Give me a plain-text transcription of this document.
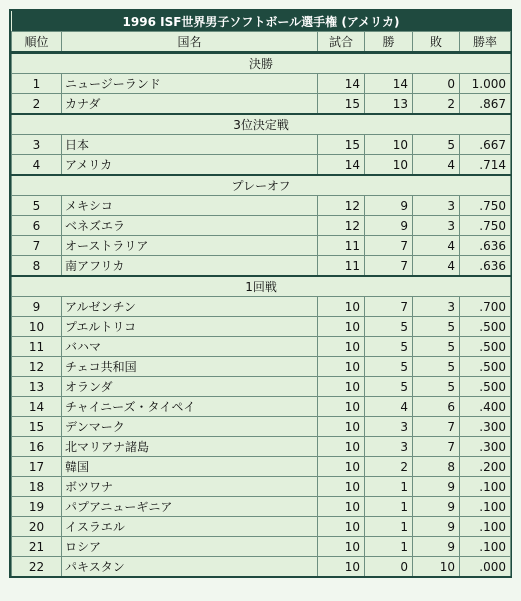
1996 ISF世界男子ソフトボール選手権 (アメリカ)					
順位	国名	試合	勝	敗	勝率
決勝					
1	ニュージーランド	14	14	0	1.000
2	カナダ	15	13	2	.867
3位決定戦					
3	日本	15	10	5	.667
4	アメリカ	14	10	4	.714
プレーオフ					
5	メキシコ	12	9	3	.750
6	ベネズエラ	12	9	3	.750
7	オーストラリア	11	7	4	.636
8	南アフリカ	11	7	4	.636
1回戦					
9	アルゼンチン	10	7	3	.700
10	プエルトリコ	10	5	5	.500
11	バハマ	10	5	5	.500
12	チェコ共和国	10	5	5	.500
13	オランダ	10	5	5	.500
14	チャイニーズ・タイペイ	10	4	6	.400
15	デンマーク	10	3	7	.300
16	北マリアナ諸島	10	3	7	.300
17	韓国	10	2	8	.200
18	ボツワナ	10	1	9	.100
19	パプアニューギニア	10	1	9	.100
20	イスラエル	10	1	9	.100
21	ロシア	10	1	9	.100
22	パキスタン	10	0	10	.000
